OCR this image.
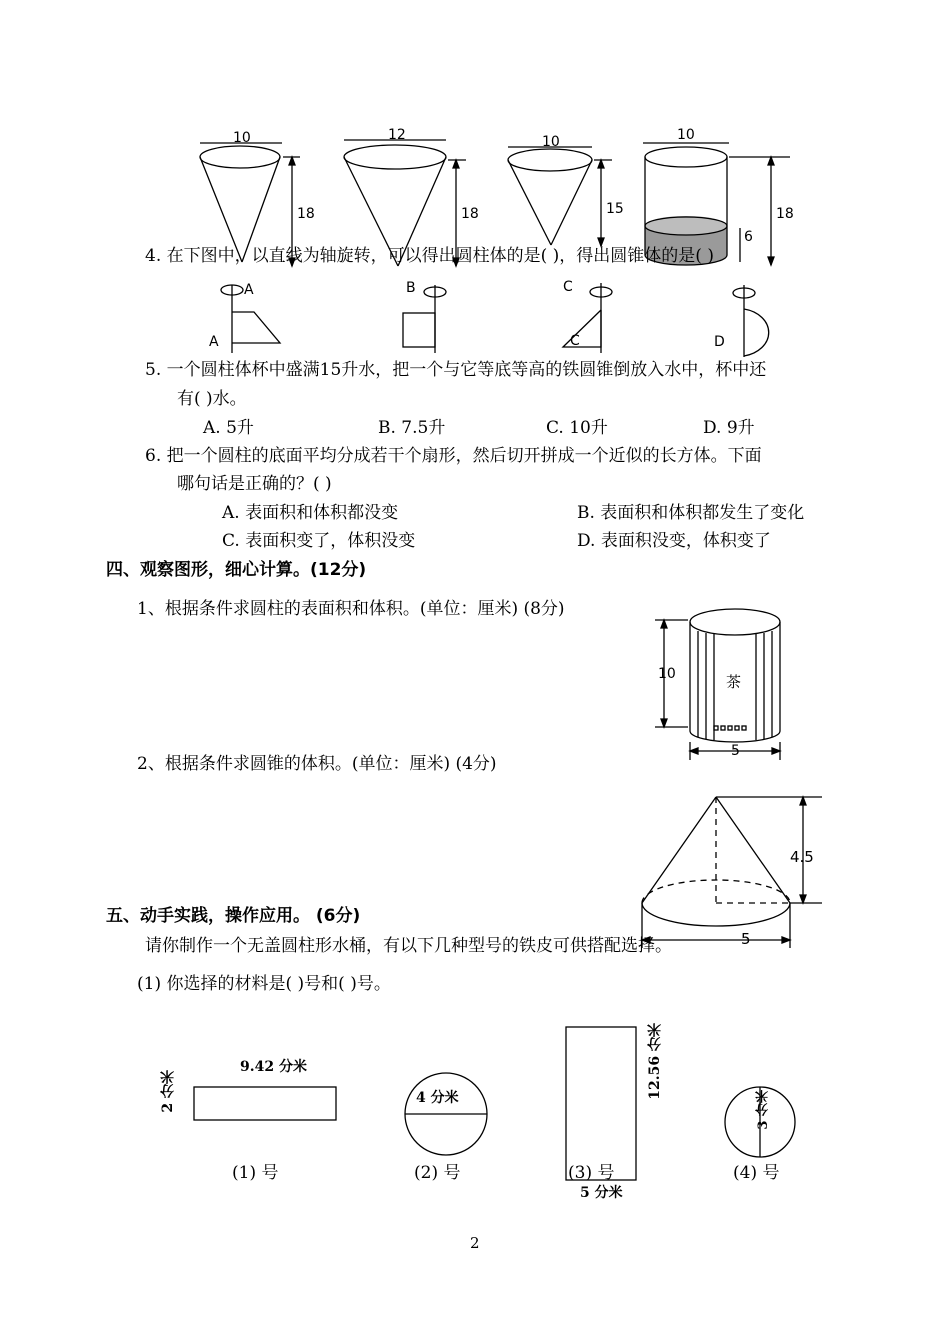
10
18
12
18
10
15
10
18
6
4. 在下图中，以直线为轴旋转，可以得出圆柱体的是( )，得出圆锥体的是( )
A
A
B	C
C	D
5. 一个圆柱体杯中盛满15升水，把一个与它等底等高的铁圆锥倒放入水中，杯中还
有( )水。
A. 5升	B. 7.5升	C. 10升	D. 9升
6. 把一个圆柱的底面平均分成若干个扇形，然后切开拼成一个近似的长方体。下面
哪句话是正确的？( )
A. 表面积和体积都没变	B. 表面积和体积都发生了变化
C. 表面积变了，体积没变	D. 表面积没变，体积变了
四、观察图形，细心计算。(12分)
1、根据条件求圆柱的表面积和体积。(单位：厘米) (8分)
10	茶
5
2、根据条件求圆锥的体积。(单位：厘米) (4分)
4.5
5
五、动手实践，操作应用。 (6分)
请你制作一个无盖圆柱形水桶，有以下几种型号的铁皮可供搭配选择。
(1) 你选择的材料是( )号和( )号。
9.42 分米
2 分米
(1) 号
4 分米
(2) 号
12.56 分米
(3) 号
5 分米
3 分米
(4) 号
2
